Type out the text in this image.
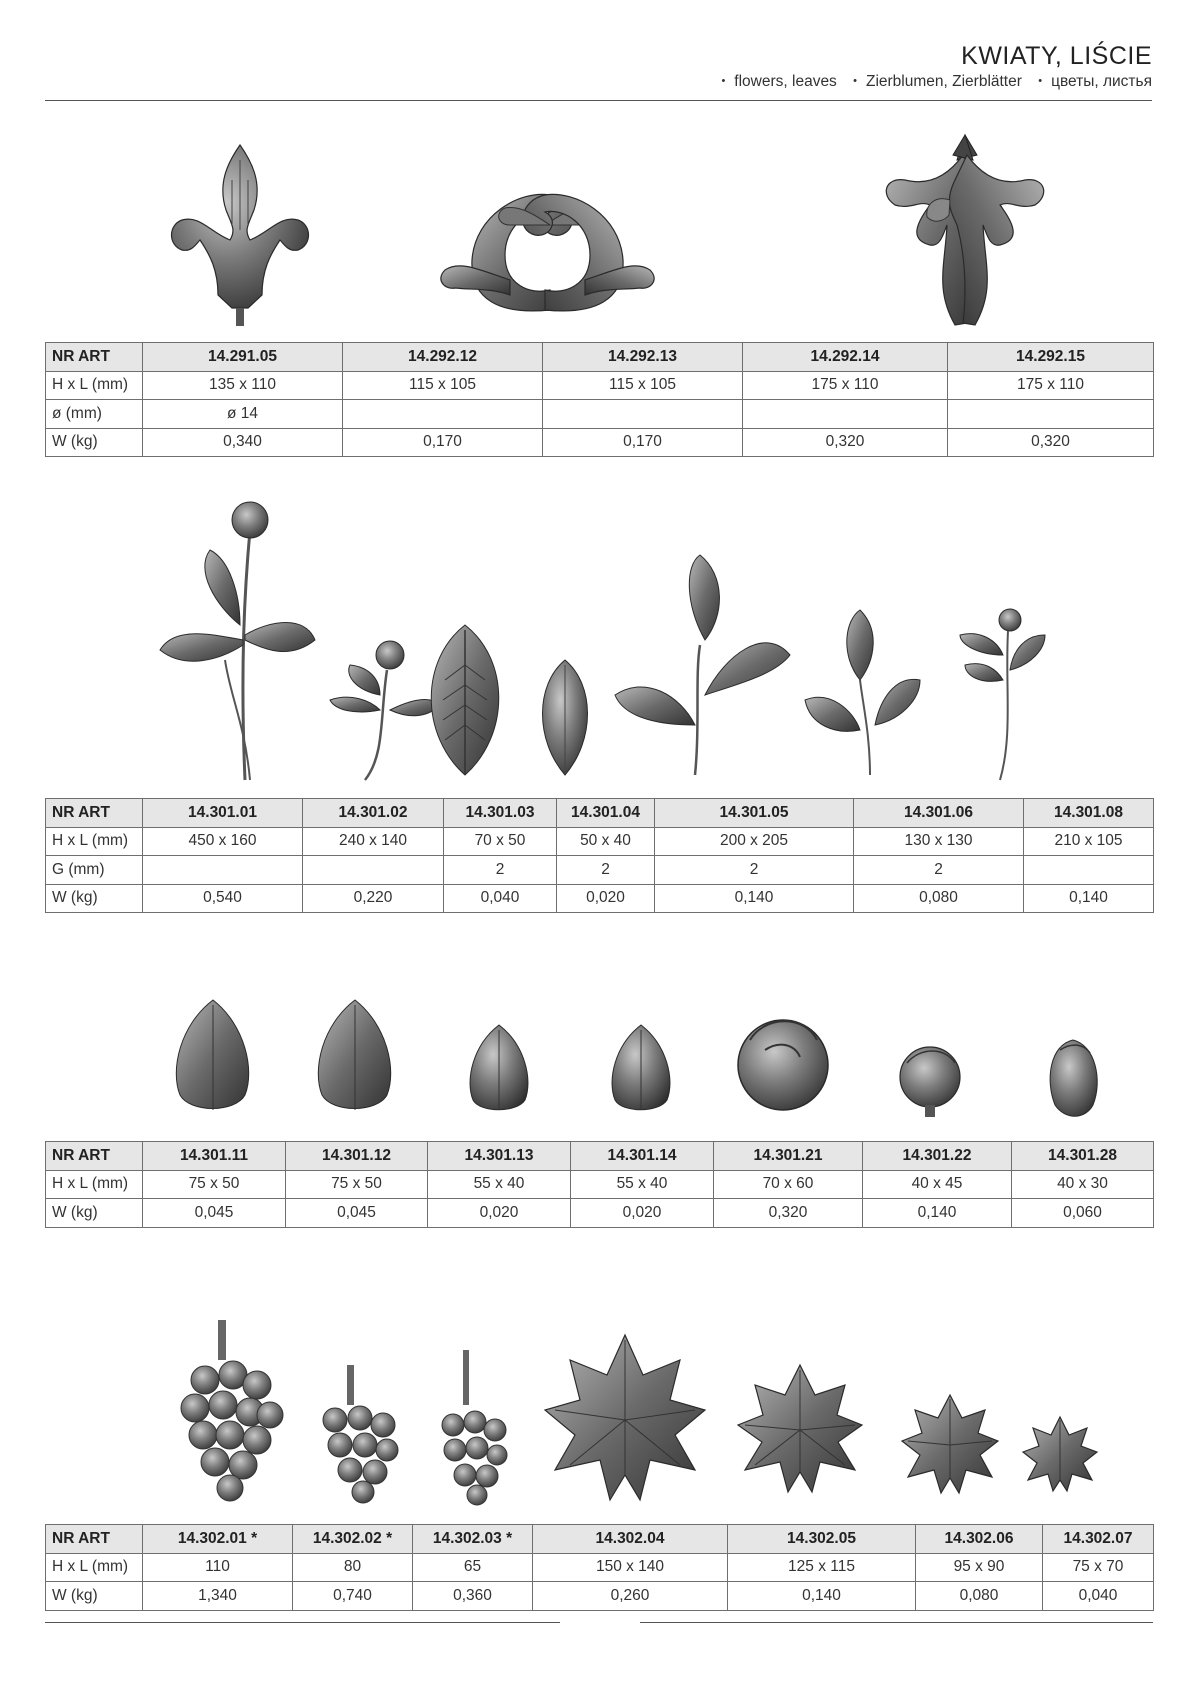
KWIATY, LIŚCIE
• flowers, leaves • Zierblumen, Zierblätter • цветы, листья
NR ART	14.291.05	14.292.12	14.292.13	14.292.14	14.292.15
H x L (mm)	135 x 110	115 x 105	115 x 105	175 x 110	175 x 110
ø (mm)	ø 14				
W (kg)	0,340	0,170	0,170	0,320	0,320
NR ART	14.301.01	14.301.02	14.301.03	14.301.04	14.301.05	14.301.06	14.301.08
H x L (mm)	450 x 160	240 x 140	70 x 50	50 x 40	200 x 205	130 x 130	210 x 105
G (mm)			2	2	2	2	
W (kg)	0,540	0,220	0,040	0,020	0,140	0,080	0,140
NR ART	14.301.11	14.301.12	14.301.13	14.301.14	14.301.21	14.301.22	14.301.28
H x L (mm)	75 x 50	75 x 50	55 x 40	55 x 40	70 x 60	40 x 45	40 x 30
W (kg)	0,045	0,045	0,020	0,020	0,320	0,140	0,060
NR ART	14.302.01 *	14.302.02 *	14.302.03 *	14.302.04	14.302.05	14.302.06	14.302.07
H x L (mm)	110	80	65	150 x 140	125 x 115	95 x 90	75 x 70
W (kg)	1,340	0,740	0,360	0,260	0,140	0,080	0,040
